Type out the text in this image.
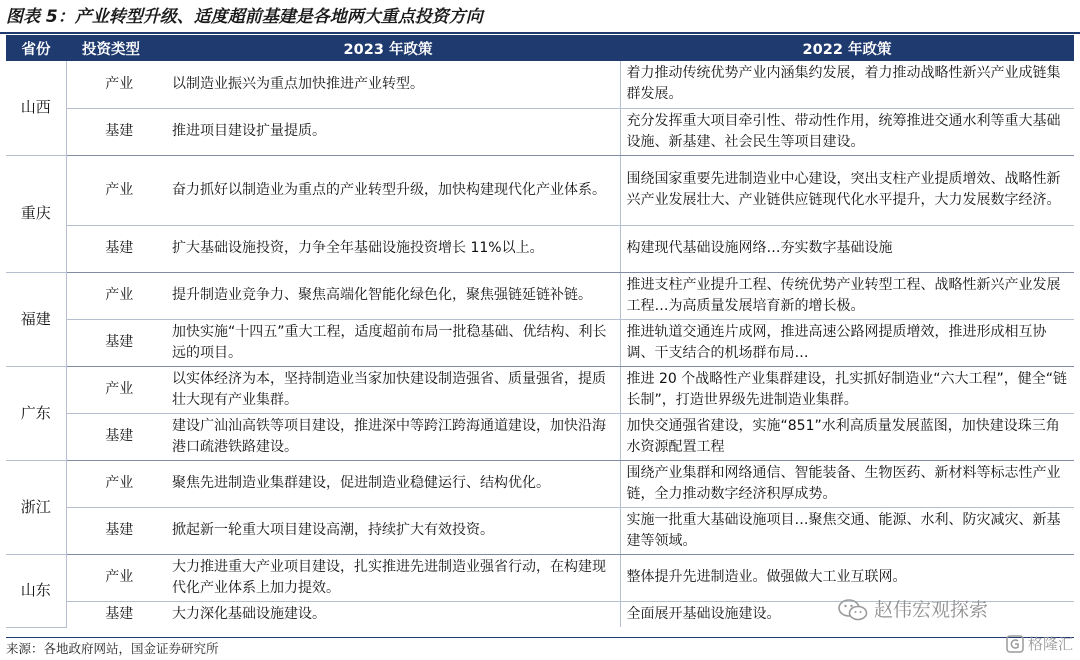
图表 5：产业转型升级、适度超前基建是各地两大重点投资方向
省份	投资类型	2023 年政策	2022 年政策
山西	产业	以制造业振兴为重点加快推进产业转型。	着力推动传统优势产业内涵集约发展，着力推动战略性新兴产业成链集群发展。
	基建	推进项目建设扩量提质。	充分发挥重大项目牵引性、带动性作用，统筹推进交通水利等重大基础设施、新基建、社会民生等项目建设。
重庆	产业	奋力抓好以制造业为重点的产业转型升级，加快构建现代化产业体系。	围绕国家重要先进制造业中心建设，突出支柱产业提质增效、战略性新兴产业发展壮大、产业链供应链现代化水平提升，大力发展数字经济。
	基建	扩大基础设施投资，力争全年基础设施投资增长 11%以上。	构建现代基础设施网络…夯实数字基础设施
福建	产业	提升制造业竞争力、聚焦高端化智能化绿色化，聚焦强链延链补链。	推进支柱产业提升工程、传统优势产业转型工程、战略性新兴产业发展工程…为高质量发展培育新的增长极。
	基建	加快实施“十四五”重大工程，适度超前布局一批稳基础、优结构、利长远的项目。	推进轨道交通连片成网，推进高速公路网提质增效，推进形成相互协调、干支结合的机场群布局…
广东	产业	以实体经济为本，坚持制造业当家加快建设制造强省、质量强省，提质壮大现有产业集群。	推进 20 个战略性产业集群建设，扎实抓好制造业“六大工程”，健全“链长制”，打造世界级先进制造业集群。
	基建	建设广汕汕高铁等项目建设，推进深中等跨江跨海通道建设，加快沿海港口疏港铁路建设。	加快交通强省建设，实施“851”水利高质量发展蓝图，加快建设珠三角水资源配置工程
浙江	产业	聚焦先进制造业集群建设，促进制造业稳健运行、结构优化。	围绕产业集群和网络通信、智能装备、生物医药、新材料等标志性产业链，全力推动数字经济积厚成势。
	基建	掀起新一轮重大项目建设高潮，持续扩大有效投资。	实施一批重大基础设施项目…聚焦交通、能源、水利、防灾减灾、新基建等领域。
山东	产业	大力推进重大产业项目建设，扎实推进先进制造业强省行动，在构建现代化产业体系上加力提效。	整体提升先进制造业。做强做大工业互联网。
	基建	大力深化基础设施建设。	全面展开基础设施建设。
来源：各地政府网站，国金证券研究所
赵伟宏观探索
格隆汇
